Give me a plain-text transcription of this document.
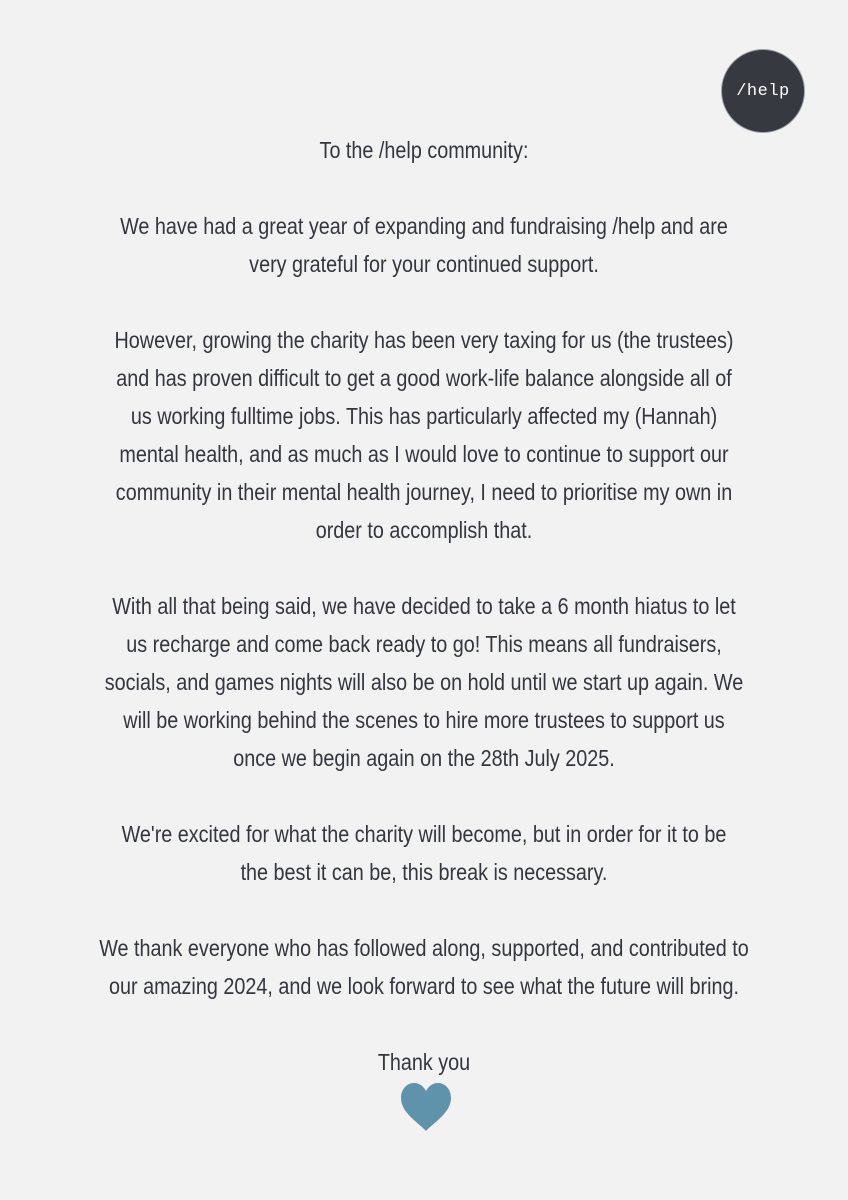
/help

To the /help community:

We have had a great year of expanding and fundraising /help and are
very grateful for your continued support.

However, growing the charity has been very taxing for us (the trustees)
and has proven difficult to get a good work-life balance alongside all of
us working fulltime jobs. This has particularly affected my (Hannah)
mental health, and as much as I would love to continue to support our
community in their mental health journey, I need to prioritise my own in
order to accomplish that.

With all that being said, we have decided to take a 6 month hiatus to let
us recharge and come back ready to go! This means all fundraisers,
socials, and games nights will also be on hold until we start up again. We
will be working behind the scenes to hire more trustees to support us
once we begin again on the 28th July 2025.

We're excited for what the charity will become, but in order for it to be
the best it can be, this break is necessary.

We thank everyone who has followed along, supported, and contributed to
our amazing 2024, and we look forward to see what the future will bring.

Thank you
